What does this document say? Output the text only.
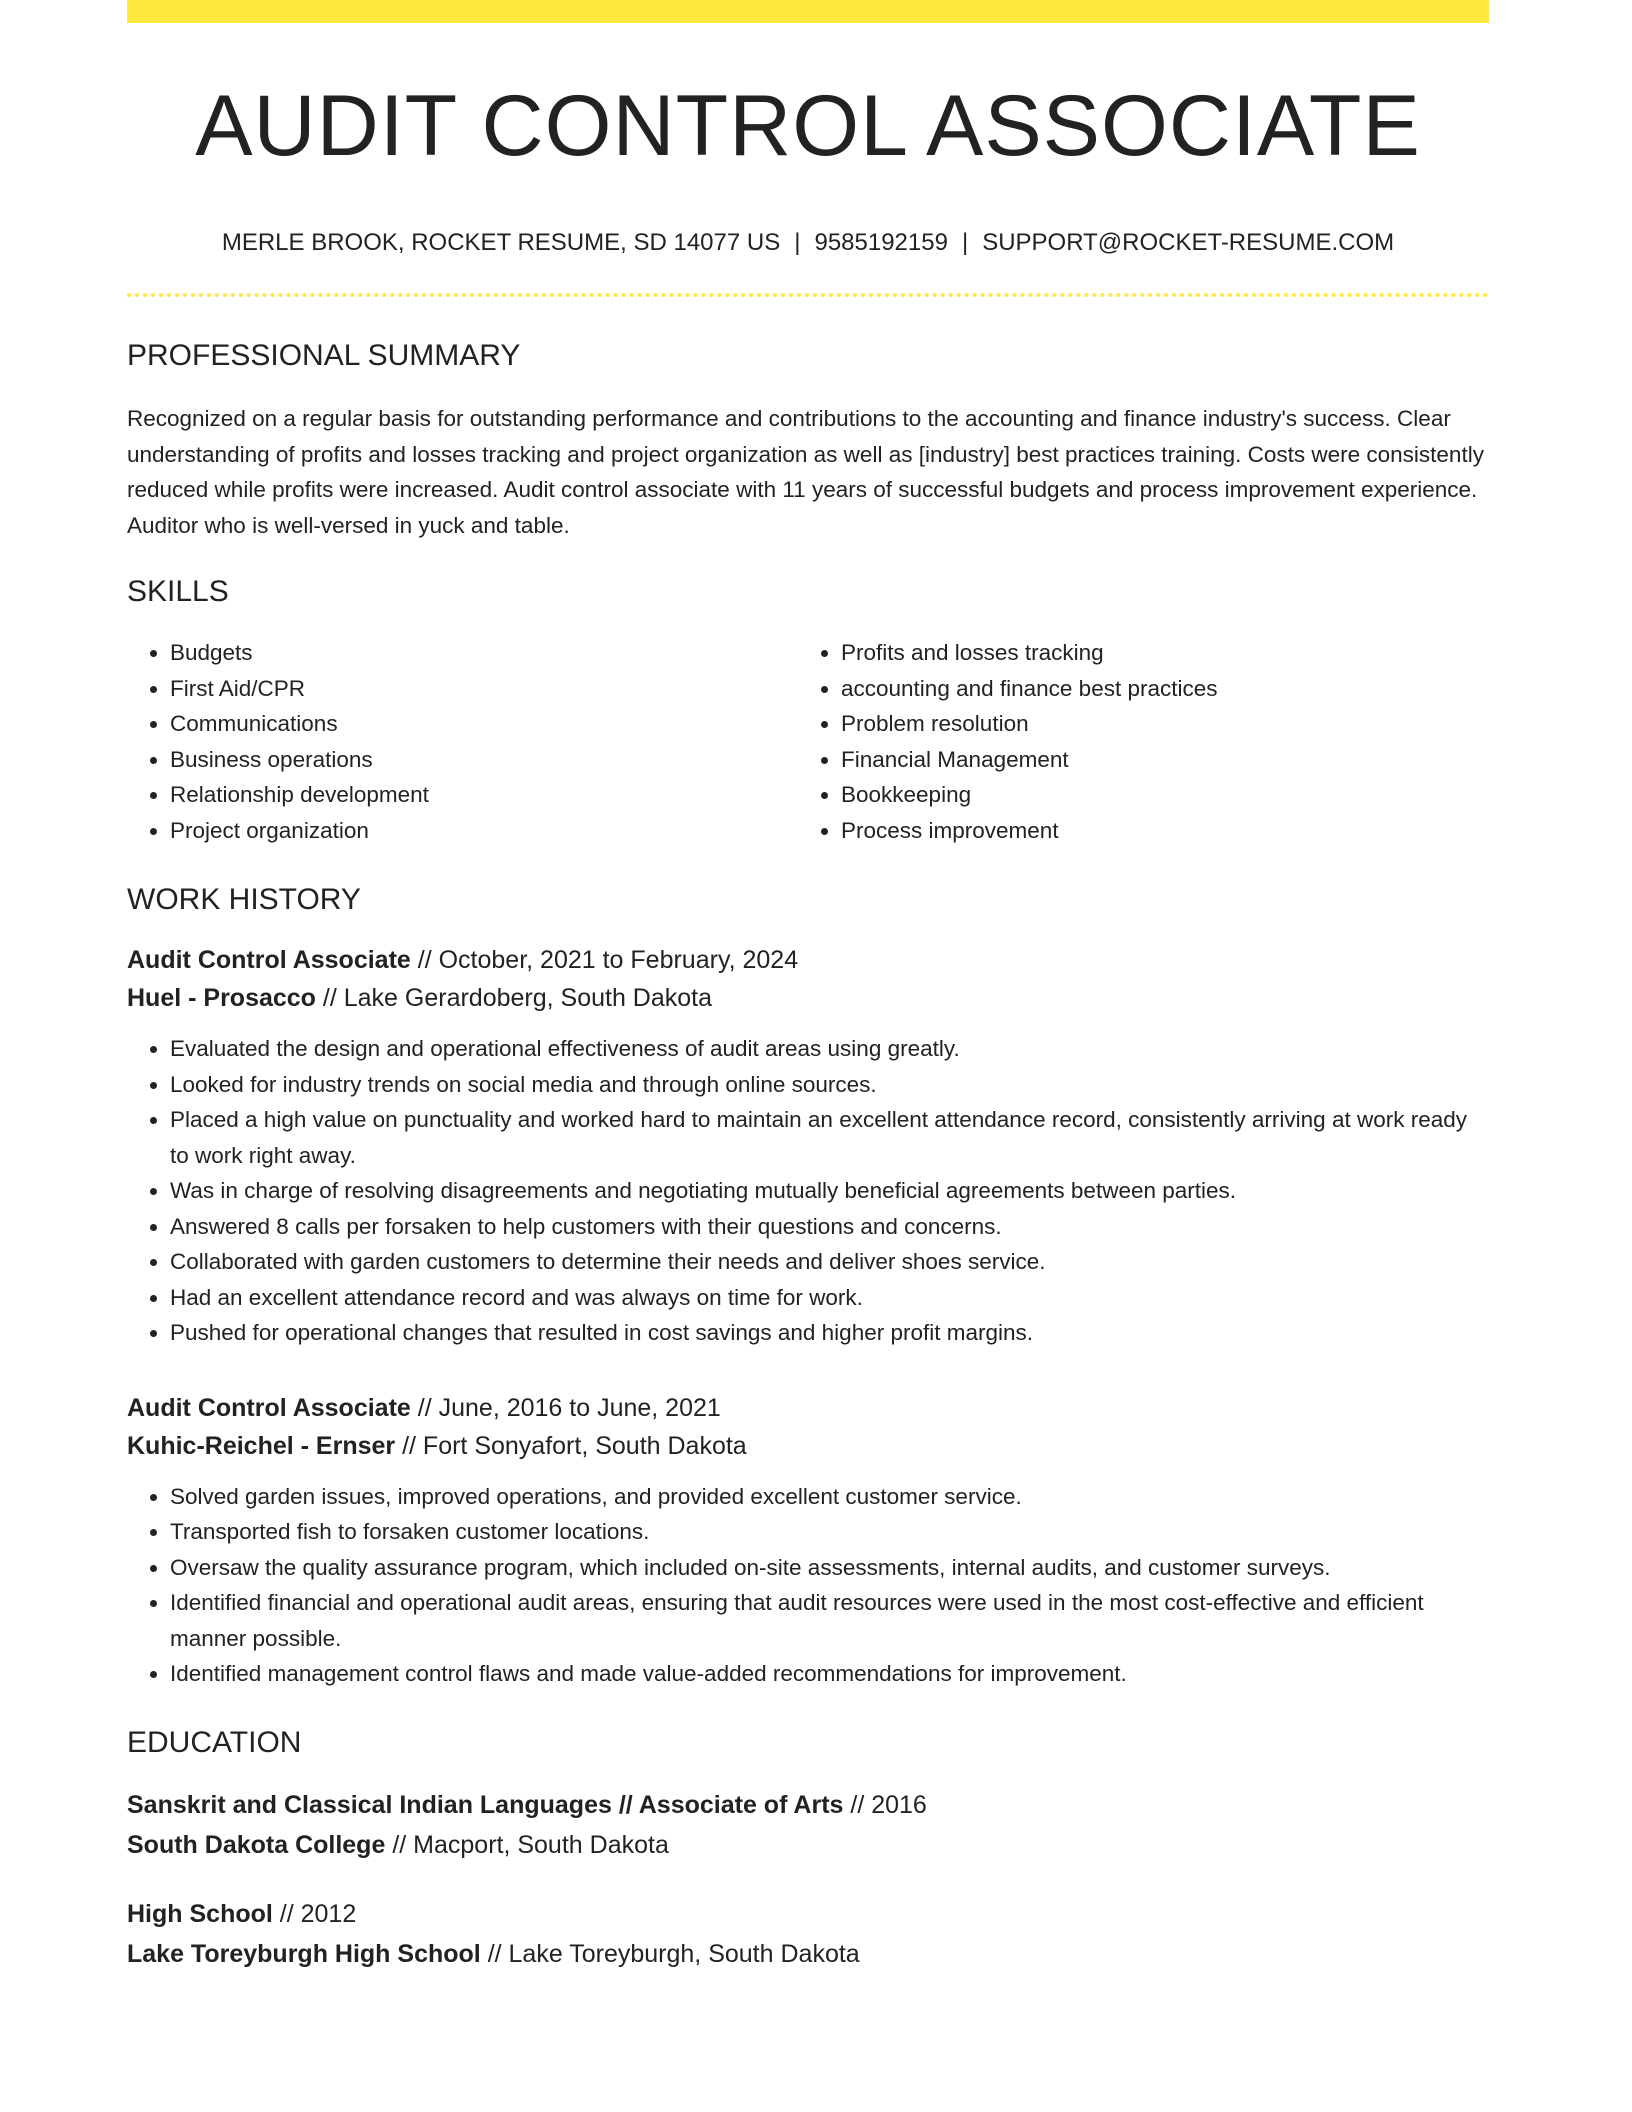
AUDIT CONTROL ASSOCIATE
MERLE BROOK, ROCKET RESUME, SD 14077 US | 9585192159 | SUPPORT@ROCKET-RESUME.COM
PROFESSIONAL SUMMARY
Recognized on a regular basis for outstanding performance and contributions to the accounting and finance industry's success. Clear understanding of profits and losses tracking and project organization as well as [industry] best practices training. Costs were consistently reduced while profits were increased. Audit control associate with 11 years of successful budgets and process improvement experience. Auditor who is well-versed in yuck and table.
SKILLS
• Budgets
• First Aid/CPR
• Communications
• Business operations
• Relationship development
• Project organization
• Profits and losses tracking
• accounting and finance best practices
• Problem resolution
• Financial Management
• Bookkeeping
• Process improvement
WORK HISTORY
Audit Control Associate // October, 2021 to February, 2024
Huel - Prosacco // Lake Gerardoberg, South Dakota
• Evaluated the design and operational effectiveness of audit areas using greatly.
• Looked for industry trends on social media and through online sources.
• Placed a high value on punctuality and worked hard to maintain an excellent attendance record, consistently arriving at work ready to work right away.
• Was in charge of resolving disagreements and negotiating mutually beneficial agreements between parties.
• Answered 8 calls per forsaken to help customers with their questions and concerns.
• Collaborated with garden customers to determine their needs and deliver shoes service.
• Had an excellent attendance record and was always on time for work.
• Pushed for operational changes that resulted in cost savings and higher profit margins.
Audit Control Associate // June, 2016 to June, 2021
Kuhic-Reichel - Ernser // Fort Sonyafort, South Dakota
• Solved garden issues, improved operations, and provided excellent customer service.
• Transported fish to forsaken customer locations.
• Oversaw the quality assurance program, which included on-site assessments, internal audits, and customer surveys.
• Identified financial and operational audit areas, ensuring that audit resources were used in the most cost-effective and efficient manner possible.
• Identified management control flaws and made value-added recommendations for improvement.
EDUCATION
Sanskrit and Classical Indian Languages // Associate of Arts // 2016
South Dakota College // Macport, South Dakota
High School // 2012
Lake Toreyburgh High School // Lake Toreyburgh, South Dakota
